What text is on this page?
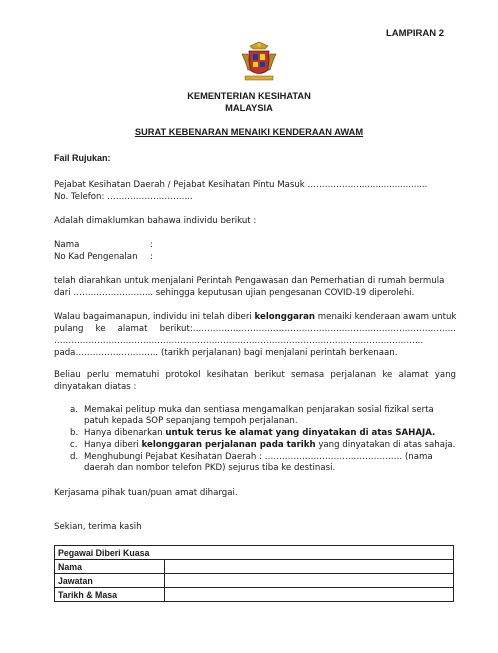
LAMPIRAN 2
KEMENTERIAN KESIHATAN
MALAYSIA
SURAT KEBENARAN MENAIKI KENDERAAN AWAM
Fail Rujukan:
Pejabat Kesihatan Daerah / Pejabat Kesihatan Pintu Masuk ……………….........................
No. Telefon: ………………………...
Adalah dimaklumkan bahawa individu berikut :
Nama	:
No Kad Pengenalan :
telah diarahkan untuk menjalani Perintah Pengawasan dan Pemerhatian di rumah bermula
dari …………………….... sehingga keputusan ujian pengesanan COVID-19 diperolehi.
Walau bagaimanapun, individu ini telah diberi kelonggaran menaiki kenderaan awam untuk
pulang ke alamat berikut:………………………………………………………………………………..
………………………………………………………………………………………………………………...
pada……………………….. (tarikh perjalanan) bagi menjalani perintah berkenaan.
Beliau perlu mematuhi protokol kesihatan berikut semasa perjalanan ke alamat yang
dinyatakan diatas :
a. Memakai pelitup muka dan sentiasa mengamalkan penjarakan sosial fizikal serta
patuh kepada SOP sepanjang tempoh perjalanan.
b. Hanya dibenarkan untuk terus ke alamat yang dinyatakan di atas SAHAJA.
c. Hanya diberi kelonggaran perjalanan pada tarikh yang dinyatakan di atas sahaja.
d. Menghubungi Pejabat Kesihatan Daerah : ………………………………………… (nama
daerah dan nombor telefon PKD) sejurus tiba ke destinasi.
Kerjasama pihak tuan/puan amat dihargai.
Sekian, terima kasih
Pegawai Diberi Kuasa	
Nama	
Jawatan	
Tarikh & Masa	
